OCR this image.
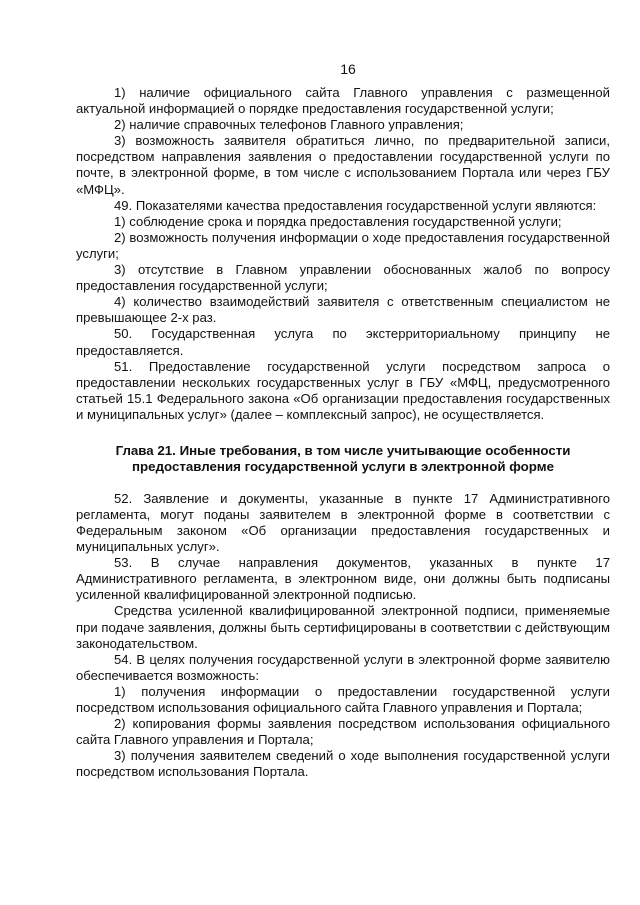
16

1) наличие официального сайта Главного управления с размещенной актуальной информацией о порядке предоставления государственной услуги;

2) наличие справочных телефонов Главного управления;

3) возможность заявителя обратиться лично, по предварительной записи, посредством направления заявления о предоставлении государственной услуги по почте, в электронной форме, в том числе с использованием Портала или через ГБУ «МФЦ».

49. Показателями качества предоставления государственной услуги являются:

1) соблюдение срока и порядка предоставления государственной услуги;

2) возможность получения информации о ходе предоставления государственной услуги;

3) отсутствие в Главном управлении обоснованных жалоб по вопросу предоставления государственной услуги;

4) количество взаимодействий заявителя с ответственным специалистом не превышающее 2-х раз.

50. Государственная услуга по экстерриториальному принципу не предоставляется.

51. Предоставление государственной услуги посредством запроса о предоставлении нескольких государственных услуг в ГБУ «МФЦ, предусмотренного статьей 15.1 Федерального закона «Об организации предоставления государственных и муниципальных услуг» (далее – комплексный запрос), не осуществляется.

Глава 21. Иные требования, в том числе учитывающие особенности
предоставления государственной услуги в электронной форме

52. Заявление и документы, указанные в пункте 17 Административного регламента, могут поданы заявителем в электронной форме в соответствии с Федеральным законом «Об организации предоставления государственных и муниципальных услуг».

53. В случае направления документов, указанных в пункте 17 Административного регламента, в электронном виде, они должны быть подписаны усиленной квалифицированной электронной подписью.

Средства усиленной квалифицированной электронной подписи, применяемые при подаче заявления, должны быть сертифицированы в соответствии с действующим законодательством.

54. В целях получения государственной услуги в электронной форме заявителю обеспечивается возможность:

1) получения информации о предоставлении государственной услуги посредством использования официального сайта Главного управления и Портала;

2) копирования формы заявления посредством использования официального сайта Главного управления и Портала;

3) получения заявителем сведений о ходе выполнения государственной услуги посредством использования Портала.
